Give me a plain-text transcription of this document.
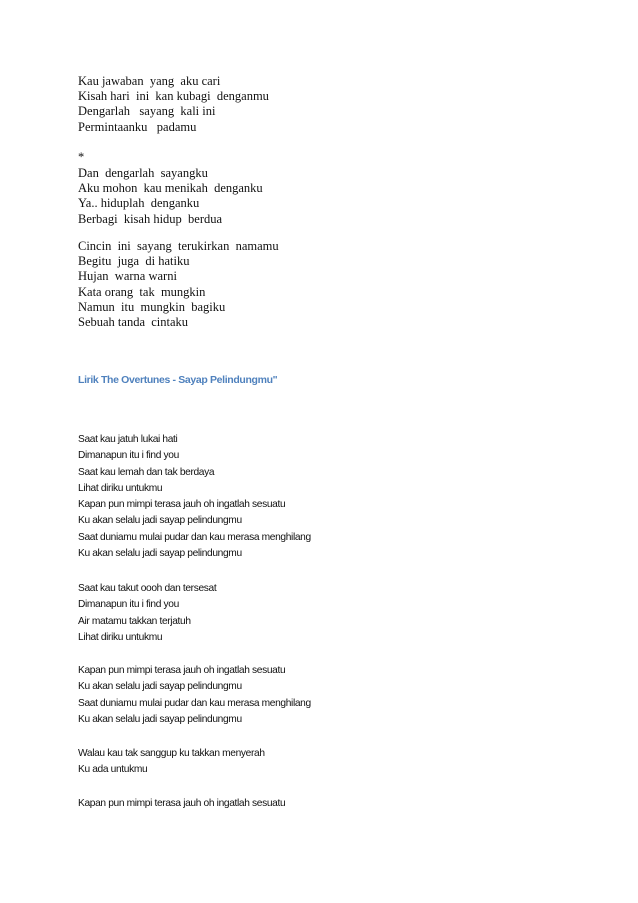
Kau jawaban  yang  aku cari

Kisah hari  ini  kan kubagi  denganmu

Dengarlah   sayang  kali ini

Permintaanku   padamu

*

Dan  dengarlah  sayangku

Aku mohon  kau menikah  denganku

Ya.. hiduplah  denganku

Berbagi  kisah hidup  berdua

Cincin  ini  sayang  terukirkan  namamu

Begitu  juga  di hatiku

Hujan  warna warni

Kata orang  tak  mungkin

Namun  itu  mungkin  bagiku

Sebuah tanda  cintaku

Lirik The Overtunes - Sayap Pelindungmu"

Saat kau jatuh lukai hati

Dimanapun itu i find you

Saat kau lemah dan tak berdaya

Lihat diriku untukmu

Kapan pun mimpi terasa jauh oh ingatlah sesuatu

Ku akan selalu jadi sayap pelindungmu

Saat duniamu mulai pudar dan kau merasa menghilang

Ku akan selalu jadi sayap pelindungmu

Saat kau takut oooh dan tersesat

Dimanapun itu i find you

Air matamu takkan terjatuh

Lihat diriku untukmu

Kapan pun mimpi terasa jauh oh ingatlah sesuatu

Ku akan selalu jadi sayap pelindungmu

Saat duniamu mulai pudar dan kau merasa menghilang

Ku akan selalu jadi sayap pelindungmu

Walau kau tak sanggup ku takkan menyerah

Ku ada untukmu

Kapan pun mimpi terasa jauh oh ingatlah sesuatu
